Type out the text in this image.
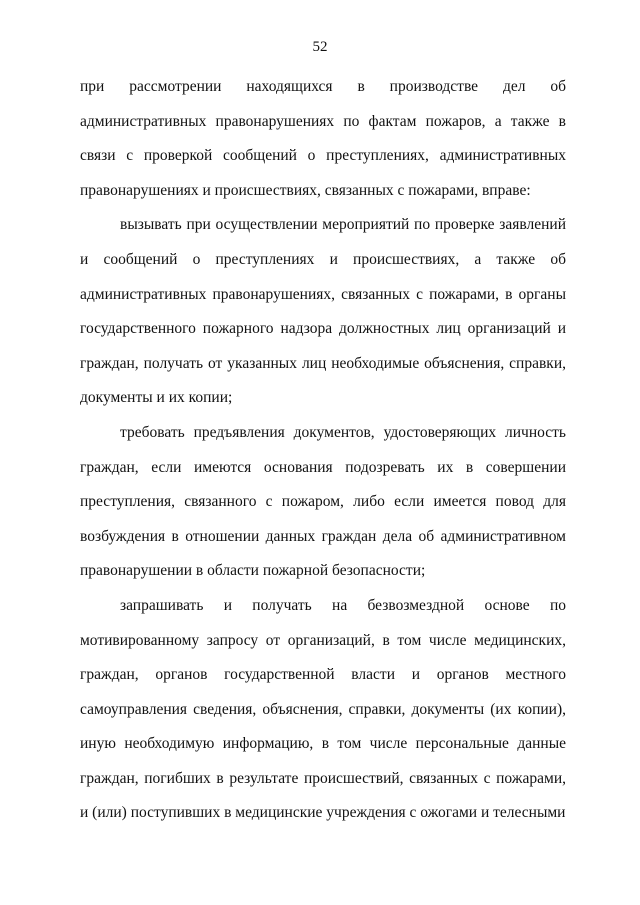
52

при рассмотрении находящихся в производстве дел об административных правонарушениях по фактам пожаров, а также в связи с проверкой сообщений о преступлениях, административных правонарушениях и происшествиях, связанных с пожарами, вправе:

вызывать при осуществлении мероприятий по проверке заявлений и сообщений о преступлениях и происшествиях, а также об административных правонарушениях, связанных с пожарами, в органы государственного пожарного надзора должностных лиц организаций и граждан, получать от указанных лиц необходимые объяснения, справки, документы и их копии;

требовать предъявления документов, удостоверяющих личность граждан, если имеются основания подозревать их в совершении преступления, связанного с пожаром, либо если имеется повод для возбуждения в отношении данных граждан дела об административном правонарушении в области пожарной безопасности;

запрашивать и получать на безвозмездной основе по мотивированному запросу от организаций, в том числе медицинских, граждан, органов государственной власти и органов местного самоуправления сведения, объяснения, справки, документы (их копии), иную необходимую информацию, в том числе персональные данные граждан, погибших в результате происшествий, связанных с пожарами, и (или) поступивших в медицинские учреждения с ожогами и телесными
